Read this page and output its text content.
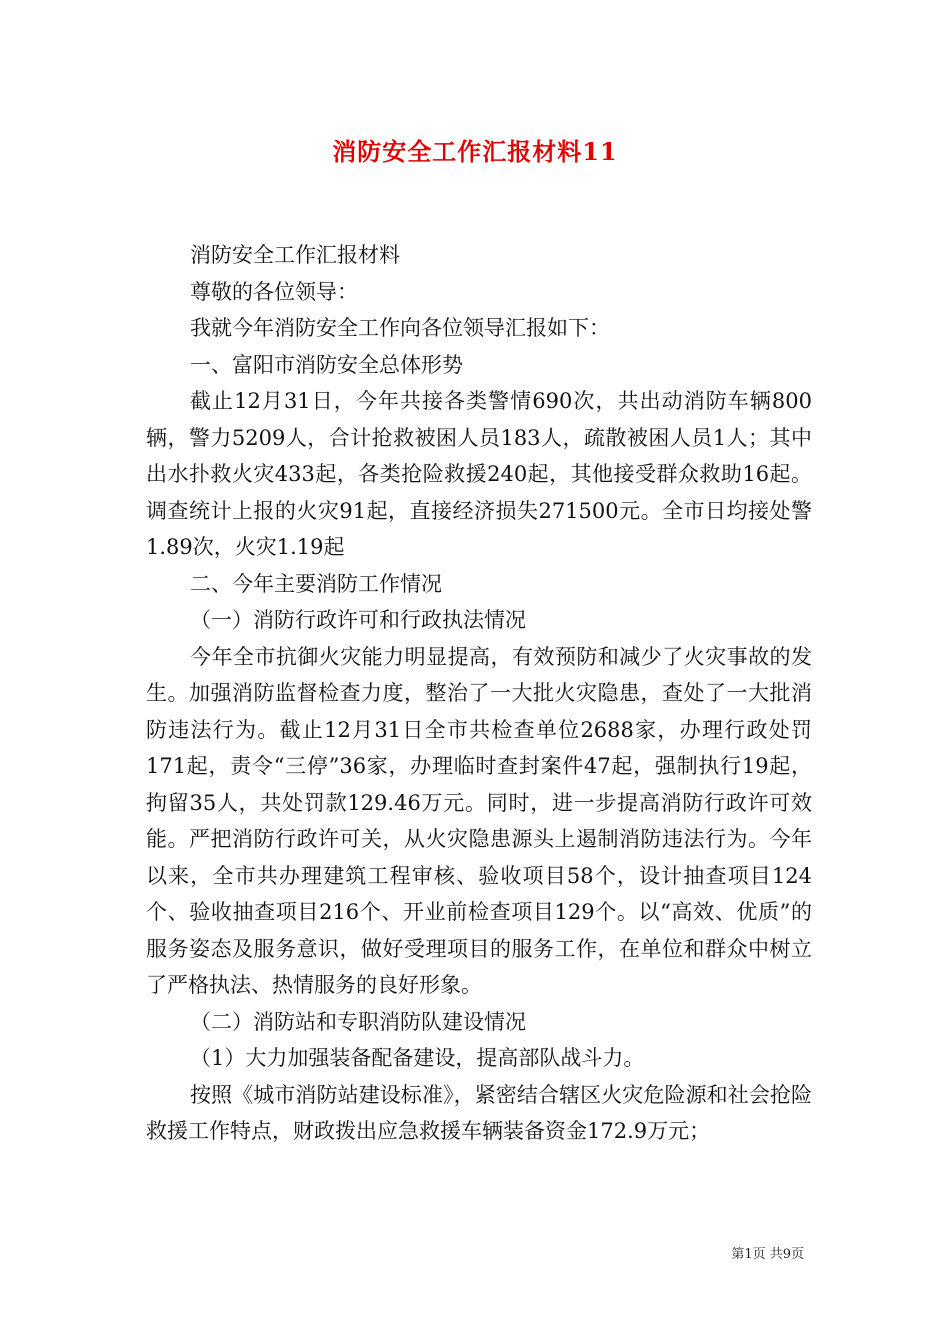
消防安全工作汇报材料11

消防安全工作汇报材料

尊敬的各位领导：

我就今年消防安全工作向各位领导汇报如下：

一、富阳市消防安全总体形势

截止12月31日，今年共接各类警情690次，共出动消防车辆800辆，警力5209人，合计抢救被困人员183人，疏散被困人员1人；其中出水扑救火灾433起，各类抢险救援240起，其他接受群众救助16起。调查统计上报的火灾91起，直接经济损失271500元。全市日均接处警1.89次，火灾1.19起

二、今年主要消防工作情况

（一）消防行政许可和行政执法情况

今年全市抗御火灾能力明显提高，有效预防和减少了火灾事故的发生。加强消防监督检查力度，整治了一大批火灾隐患，查处了一大批消防违法行为。截止12月31日全市共检查单位2688家，办理行政处罚171起，责令“三停”36家，办理临时查封案件47起，强制执行19起，拘留35人，共处罚款129.46万元。同时，进一步提高消防行政许可效能。严把消防行政许可关，从火灾隐患源头上遏制消防违法行为。今年以来，全市共办理建筑工程审核、验收项目58个，设计抽查项目124个、验收抽查项目216个、开业前检查项目129个。以“高效、优质”的服务姿态及服务意识，做好受理项目的服务工作，在单位和群众中树立了严格执法、热情服务的良好形象。

（二）消防站和专职消防队建设情况

（1）大力加强装备配备建设，提高部队战斗力。

按照《城市消防站建设标准》，紧密结合辖区火灾危险源和社会抢险救援工作特点，财政拨出应急救援车辆装备资金172.9万元；

第1页 共9页
